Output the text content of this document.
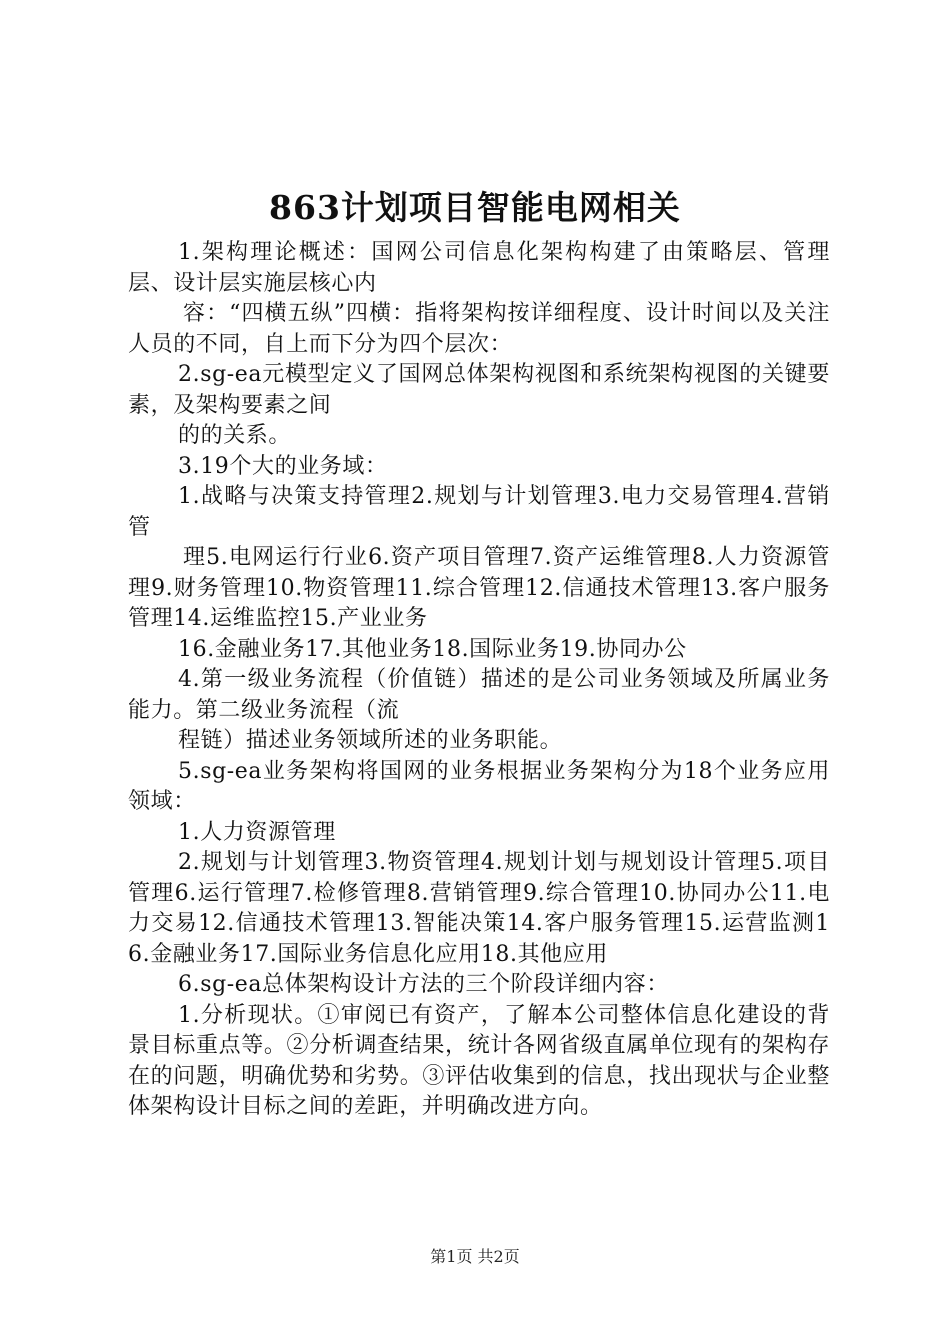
863计划项目智能电网相关

1.架构理论概述：国网公司信息化架构构建了由策略层、管理层、设计层实施层核心内

容：“四横五纵”四横：指将架构按详细程度、设计时间以及关注人员的不同，自上而下分为四个层次：

2.sg-ea元模型定义了国网总体架构视图和系统架构视图的关键要素，及架构要素之间

的的关系。

3.19个大的业务域：

1.战略与决策支持管理2.规划与计划管理3.电力交易管理4.营销管

理5.电网运行行业6.资产项目管理7.资产运维管理8.人力资源管理9.财务管理10.物资管理11.综合管理12.信通技术管理13.客户服务管理14.运维监控15.产业业务

16.金融业务17.其他业务18.国际业务19.协同办公

4.第一级业务流程（价值链）描述的是公司业务领域及所属业务能力。第二级业务流程（流

程链）描述业务领域所述的业务职能。

5.sg-ea业务架构将国网的业务根据业务架构分为18个业务应用领域：

1.人力资源管理

2.规划与计划管理3.物资管理4.规划计划与规划设计管理5.项目管理6.运行管理7.检修管理8.营销管理9.综合管理10.协同办公11.电力交易12.信通技术管理13.智能决策14.客户服务管理15.运营监测16.金融业务17.国际业务信息化应用18.其他应用

6.sg-ea总体架构设计方法的三个阶段详细内容：

1.分析现状。①审阅已有资产，了解本公司整体信息化建设的背景目标重点等。②分析调查结果，统计各网省级直属单位现有的架构存在的问题，明确优势和劣势。③评估收集到的信息，找出现状与企业整体架构设计目标之间的差距，并明确改进方向。

第1页 共2页
